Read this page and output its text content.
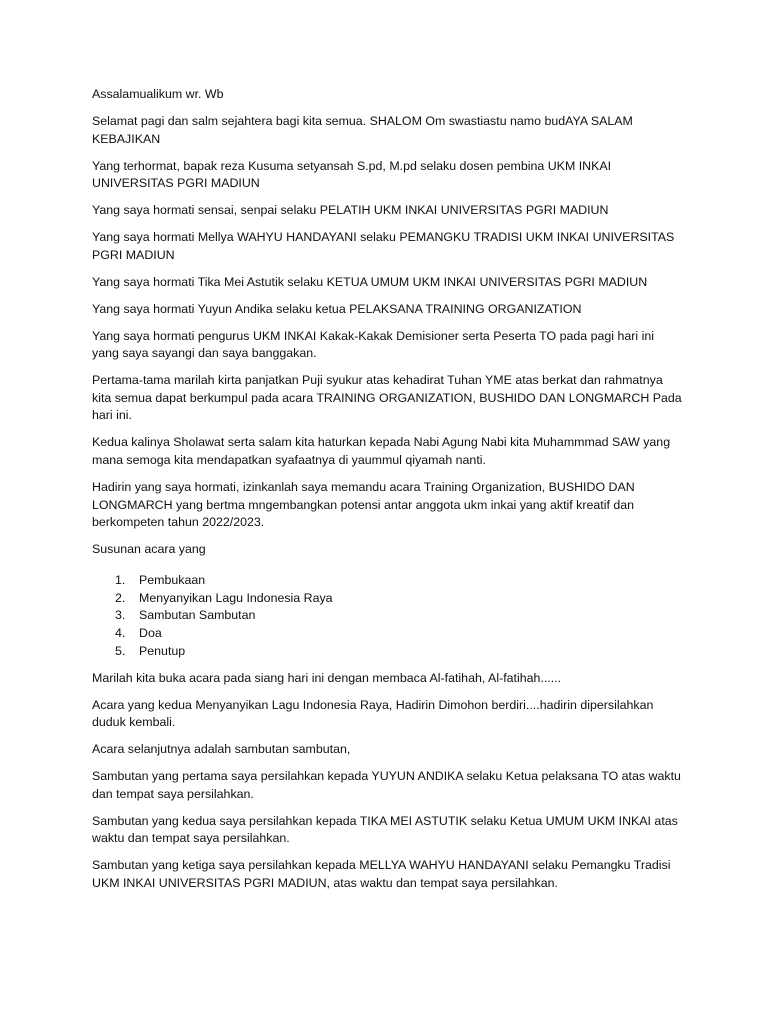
Assalamualikum wr. Wb

Selamat pagi dan salm sejahtera bagi kita semua. SHALOM Om swastiastu namo budAYA SALAM KEBAJIKAN

Yang terhormat, bapak reza Kusuma setyansah S.pd, M.pd selaku dosen pembina UKM INKAI UNIVERSITAS PGRI MADIUN

Yang saya hormati sensai, senpai selaku PELATIH UKM INKAI UNIVERSITAS PGRI MADIUN

Yang saya hormati Mellya WAHYU HANDAYANI selaku PEMANGKU TRADISI UKM INKAI UNIVERSITAS PGRI MADIUN

Yang saya hormati Tika Mei Astutik selaku KETUA UMUM UKM INKAI UNIVERSITAS PGRI MADIUN

Yang saya hormati Yuyun Andika selaku ketua PELAKSANA TRAINING ORGANIZATION

Yang saya hormati pengurus UKM INKAI Kakak-Kakak Demisioner serta Peserta TO pada pagi hari ini yang saya sayangi dan saya banggakan.

Pertama-tama marilah kirta panjatkan Puji syukur atas kehadirat Tuhan YME atas berkat dan rahmatnya kita semua dapat berkumpul pada acara TRAINING ORGANIZATION, BUSHIDO DAN LONGMARCH Pada hari ini.

Kedua kalinya Sholawat serta salam kita haturkan kepada Nabi Agung Nabi kita Muhammmad SAW yang mana semoga kita mendapatkan syafaatnya di yaummul qiyamah nanti.

Hadirin yang saya hormati, izinkanlah saya memandu acara Training Organization, BUSHIDO DAN LONGMARCH yang bertma mngembangkan potensi antar anggota ukm inkai yang aktif kreatif dan berkompeten tahun 2022/2023.

Susunan acara yang

1.	Pembukaan
2.	Menyanyikan Lagu Indonesia Raya
3.	Sambutan Sambutan
4.	Doa
5.	Penutup

Marilah kita buka acara pada siang hari ini dengan membaca Al-fatihah, Al-fatihah......

Acara yang kedua Menyanyikan Lagu Indonesia Raya, Hadirin Dimohon berdiri....hadirin dipersilahkan duduk kembali.

Acara selanjutnya adalah sambutan sambutan,

Sambutan yang pertama saya persilahkan kepada YUYUN ANDIKA selaku Ketua pelaksana TO atas waktu dan tempat saya persilahkan.

Sambutan yang kedua saya persilahkan kepada TIKA MEI ASTUTIK selaku Ketua UMUM UKM INKAI atas waktu dan tempat saya persilahkan.

Sambutan yang ketiga saya persilahkan kepada MELLYA WAHYU HANDAYANI selaku Pemangku Tradisi UKM INKAI UNIVERSITAS PGRI MADIUN, atas waktu dan tempat saya persilahkan.
